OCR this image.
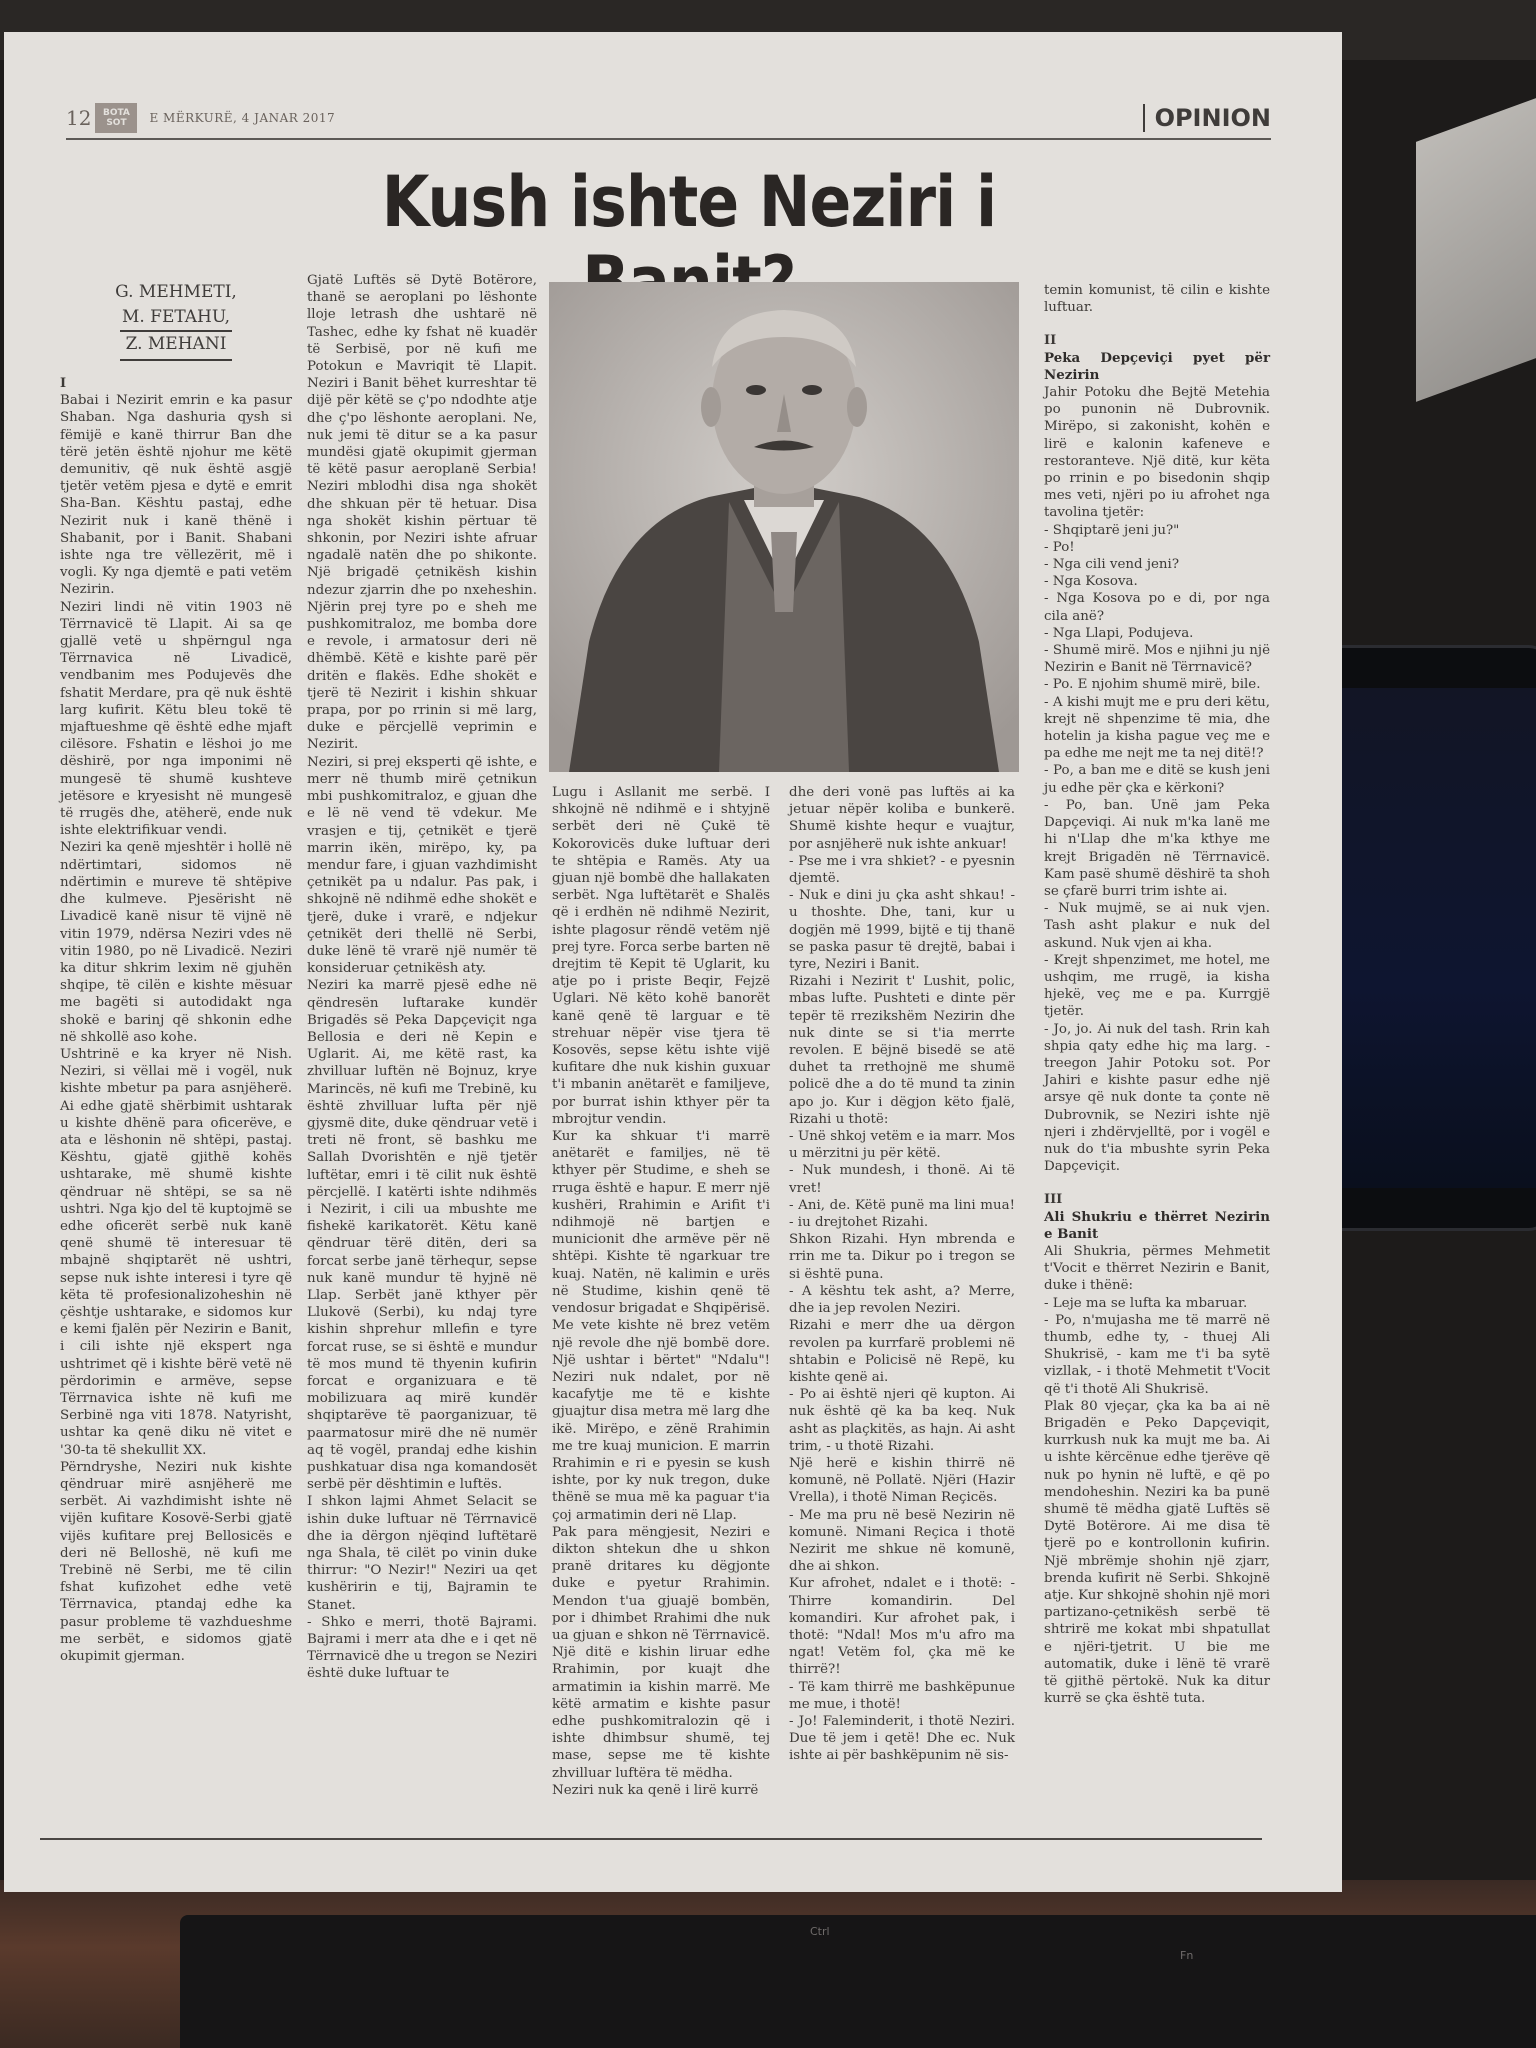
Ctrl
Fn
12 BOTA
SOT E MËRKURË, 4 JANAR 2017	OPINION
Kush ishte Neziri i
G. MEHMETI,
M. FETAHU,
Z. MEHANI

I

Babai i Nezirit emrin e ka pasur Shaban. Nga dashuria qysh si fëmijë e kanë thirrur Ban dhe tërë jetën është njohur me këtë demunitiv, që nuk është asgjë tjetër vetëm pjesa e dytë e emrit Sha-Ban. Kështu pastaj, edhe Nezirit nuk i kanë thënë i Shabanit, por i Banit. Shabani ishte nga tre vëllezërit, më i vogli. Ky nga djemtë e pati vetëm Nezirin.

Neziri lindi në vitin 1903 në Tërrnavicë të Llapit. Ai sa qe gjallë vetë u shpërngul nga Tërrnavica në Livadicë, vendbanim mes Podujevës dhe fshatit Merdare, pra që nuk është larg kufirit. Këtu bleu tokë të mjaftueshme që është edhe mjaft cilësore. Fshatin e lëshoi jo me dëshirë, por nga imponimi në mungesë të shumë kushteve jetësore e kryesisht në mungesë të rrugës dhe, atëherë, ende nuk ishte elektrifikuar vendi.

Neziri ka qenë mjeshtër i hollë në ndërtimtari, sidomos në ndërtimin e mureve të shtëpive dhe kulmeve. Pjesërisht në Livadicë kanë nisur të vijnë në vitin 1979, ndërsa Neziri vdes në vitin 1980, po në Livadicë. Neziri ka ditur shkrim lexim në gjuhën shqipe, të cilën e kishte mësuar me bagëti si autodidakt nga shokë e barinj që shkonin edhe në shkollë aso kohe.

Ushtrinë e ka kryer në Nish. Neziri, si vëllai më i vogël, nuk kishte mbetur pa para asnjëherë. Ai edhe gjatë shërbimit ushtarak u kishte dhënë para oficerëve, e ata e lëshonin në shtëpi, pastaj. Kështu, gjatë gjithë kohës ushtarake, më shumë kishte qëndruar në shtëpi, se sa në ushtri. Nga kjo del të kuptojmë se edhe oficerët serbë nuk kanë qenë shumë të interesuar të mbajnë shqiptarët në ushtri, sepse nuk ishte interesi i tyre që këta të profesionalizoheshin në çështje ushtarake, e sidomos kur e kemi fjalën për Nezirin e Banit, i cili ishte një ekspert nga ushtrimet që i kishte bërë vetë në përdorimin e armëve, sepse Tërrnavica ishte në kufi me Serbinë nga viti 1878. Natyrisht, ushtar ka qenë diku në vitet e '30-ta të shekullit XX.

Përndryshe, Neziri nuk kishte qëndruar mirë asnjëherë me serbët. Ai vazhdimisht ishte në vijën kufitare Kosovë-Serbi gjatë vijës kufitare prej Bellosicës e deri në Belloshë, në kufi me Trebinë në Serbi, me të cilin fshat kufizohet edhe vetë Tërrnavica, ptandaj edhe ka pasur probleme të vazhdueshme me serbët, e sidomos gjatë okupimit gjerman.

Gjatë Luftës së Dytë Botërore, thanë se aeroplani po lëshonte lloje letrash dhe ushtarë në Tashec, edhe ky fshat në kuadër të Serbisë, por në kufi me Potokun e Mavriqit të Llapit. Neziri i Banit bëhet kurreshtar të dijë për këtë se ç'po ndodhte atje dhe ç'po lëshonte aeroplani. Ne, nuk jemi të ditur se a ka pasur mundësi gjatë okupimit gjerman të këtë pasur aeroplanë Serbia! Neziri mblodhi disa nga shokët dhe shkuan për të hetuar. Disa nga shokët kishin përtuar të shkonin, por Neziri ishte afruar ngadalë natën dhe po shikonte. Një brigadë çetnikësh kishin ndezur zjarrin dhe po nxeheshin. Njërin prej tyre po e sheh me pushkomitraloz, me bomba dore e revole, i armatosur deri në dhëmbë. Këtë e kishte parë për dritën e flakës. Edhe shokët e tjerë të Nezirit i kishin shkuar prapa, por po rrinin si më larg, duke e përcjellë veprimin e Nezirit.

Neziri, si prej eksperti që ishte, e merr në thumb mirë çetnikun mbi pushkomitraloz, e gjuan dhe e lë në vend të vdekur. Me vrasjen e tij, çetnikët e tjerë marrin ikën, mirëpo, ky, pa mendur fare, i gjuan vazhdimisht çetnikët pa u ndalur. Pas pak, i shkojnë në ndihmë edhe shokët e tjerë, duke i vrarë, e ndjekur çetnikët deri thellë në Serbi, duke lënë të vrarë një numër të konsideruar çetnikësh aty.

Neziri ka marrë pjesë edhe në qëndresën luftarake kundër Brigadës së Peka Dapçeviçit nga Bellosia e deri në Kepin e Uglarit. Ai, me këtë rast, ka zhvilluar luftën në Bojnuz, krye Marincës, në kufi me Trebinë, ku është zhvilluar lufta për një gjysmë dite, duke qëndruar vetë i treti në front, së bashku me Sallah Dvorishtën e një tjetër luftëtar, emri i të cilit nuk është përcjellë. I katërti ishte ndihmës i Nezirit, i cili ua mbushte me fishekë karikatorët. Këtu kanë qëndruar tërë ditën, deri sa forcat serbe janë tërhequr, sepse nuk kanë mundur të hyjnë në Llap. Serbët janë kthyer për Llukovë (Serbi), ku ndaj tyre kishin shprehur mllefin e tyre forcat ruse, se si është e mundur të mos mund të thyenin kufirin forcat e organizuara e të mobilizuara aq mirë kundër shqiptarëve të paorganizuar, të paarmatosur mirë dhe në numër aq të vogël, prandaj edhe kishin pushkatuar disa nga komandosët serbë për dështimin e luftës.

I shkon lajmi Ahmet Selacit se ishin duke luftuar në Tërrnavicë dhe ia dërgon njëqind luftëtarë nga Shala, të cilët po vinin duke thirrur: "O Nezir!" Neziri ua qet kushëririn e tij, Bajramin te Stanet.

- Shko e merri, thotë Bajrami. Bajrami i merr ata dhe e i qet në Tërrnavicë dhe u tregon se Neziri është duke luftuar te

Lugu i Asllanit me serbë. I shkojnë në ndihmë e i shtyjnë serbët deri në Çukë të Kokorovicës duke luftuar deri te shtëpia e Ramës. Aty ua gjuan një bombë dhe hallakaten serbët. Nga luftëtarët e Shalës që i erdhën në ndihmë Nezirit, ishte plagosur rëndë vetëm një prej tyre. Forca serbe barten në drejtim të Kepit të Uglarit, ku atje po i priste Beqir, Fejzë Uglari. Në këto kohë banorët kanë qenë të larguar e të strehuar nëpër vise tjera të Kosovës, sepse këtu ishte vijë kufitare dhe nuk kishin guxuar t'i mbanin anëtarët e familjeve, por burrat ishin kthyer për ta mbrojtur vendin.

Kur ka shkuar t'i marrë anëtarët e familjes, në të kthyer për Studime, e sheh se rruga është e hapur. E merr një kushëri, Rrahimin e Arifit t'i ndihmojë në bartjen e municionit dhe armëve për në shtëpi. Kishte të ngarkuar tre kuaj. Natën, në kalimin e urës në Studime, kishin qenë të vendosur brigadat e Shqipërisë. Me vete kishte në brez vetëm një revole dhe një bombë dore. Një ushtar i bërtet" "Ndalu"! Neziri nuk ndalet, por në kacafytje me të e kishte gjuajtur disa metra më larg dhe ikë. Mirëpo, e zënë Rrahimin me tre kuaj municion. E marrin Rrahimin e ri e pyesin se kush ishte, por ky nuk tregon, duke thënë se mua më ka paguar t'ia çoj armatimin deri në Llap.

Pak para mëngjesit, Neziri e dikton shtekun dhe u shkon pranë dritares ku dëgjonte duke e pyetur Rrahimin. Mendon t'ua gjuajë bombën, por i dhimbet Rrahimi dhe nuk ua gjuan e shkon në Tërrnavicë. Një ditë e kishin liruar edhe Rrahimin, por kuajt dhe armatimin ia kishin marrë. Me këtë armatim e kishte pasur edhe pushkomitralozin që i ishte dhimbsur shumë, tej mase, sepse me të kishte zhvilluar luftëra të mëdha.

Neziri nuk ka qenë i lirë kurrë

dhe deri vonë pas luftës ai ka jetuar nëpër koliba e bunkerë. Shumë kishte hequr e vuajtur, por asnjëherë nuk ishte ankuar!

- Pse me i vra shkiet? - e pyesnin djemtë.

- Nuk e dini ju çka asht shkau! - u thoshte. Dhe, tani, kur u dogjën më 1999, bijtë e tij thanë se paska pasur të drejtë, babai i tyre, Neziri i Banit.

Rizahi i Nezirit t' Lushit, polic, mbas lufte. Pushteti e dinte për tepër të rrezikshëm Nezirin dhe nuk dinte se si t'ia merrte revolen. E bëjnë bisedë se atë duhet ta rrethojnë me shumë policë dhe a do të mund ta zinin apo jo. Kur i dëgjon këto fjalë, Rizahi u thotë:

- Unë shkoj vetëm e ia marr. Mos u mërzitni ju për këtë.

- Nuk mundesh, i thonë. Ai të vret!

- Ani, de. Këtë punë ma lini mua! - iu drejtohet Rizahi.

Shkon Rizahi. Hyn mbrenda e rrin me ta. Dikur po i tregon se si është puna.

- A kështu tek asht, a? Merre, dhe ia jep revolen Neziri.

Rizahi e merr dhe ua dërgon revolen pa kurrfarë problemi në shtabin e Policisë në Repë, ku kishte qenë ai.

- Po ai është njeri që kupton. Ai nuk është që ka ba keq. Nuk asht as plaçkitës, as hajn. Ai asht trim, - u thotë Rizahi.

Një herë e kishin thirrë në komunë, në Pollatë. Njëri (Hazir Vrella), i thotë Niman Reçicës.

- Me ma pru në besë Nezirin në komunë. Nimani Reçica i thotë Nezirit me shkue në komunë, dhe ai shkon.

Kur afrohet, ndalet e i thotë: - Thirre komandirin. Del komandiri. Kur afrohet pak, i thotë: "Ndal! Mos m'u afro ma ngat! Vetëm fol, çka më ke thirrë?!

- Të kam thirrë me bashkëpunue me mue, i thotë!

- Jo! Faleminderit, i thotë Neziri. Due të jem i qetë! Dhe ec. Nuk ishte ai për bashkëpunim në sis-

temin komunist, të cilin e kishte luftuar.

II

Peka Depçeviçi pyet për Nezirin

Jahir Potoku dhe Bejtë Metehia po punonin në Dubrovnik. Mirëpo, si zakonisht, kohën e lirë e kalonin kafeneve e restoranteve. Një ditë, kur këta po rrinin e po bisedonin shqip mes veti, njëri po iu afrohet nga tavolina tjetër:

- Shqiptarë jeni ju?"

- Po!

- Nga cili vend jeni?

- Nga Kosova.

- Nga Kosova po e di, por nga cila anë?

- Nga Llapi, Podujeva.

- Shumë mirë. Mos e njihni ju një Nezirin e Banit në Tërrnavicë?

- Po. E njohim shumë mirë, bile.

- A kishi mujt me e pru deri këtu, krejt në shpenzime të mia, dhe hotelin ja kisha pague veç me e pa edhe me nejt me ta nej ditë!?

- Po, a ban me e ditë se kush jeni ju edhe për çka e kërkoni?

- Po, ban. Unë jam Peka Dapçeviqi. Ai nuk m'ka lanë me hi n'Llap dhe m'ka kthye me krejt Brigadën në Tërrnavicë. Kam pasë shumë dëshirë ta shoh se çfarë burri trim ishte ai.

- Nuk mujmë, se ai nuk vjen. Tash asht plakur e nuk del askund. Nuk vjen ai kha.

- Krejt shpenzimet, me hotel, me ushqim, me rrugë, ia kisha hjekë, veç me e pa. Kurrgjë tjetër.

- Jo, jo. Ai nuk del tash. Rrin kah shpia qaty edhe hiç ma larg. - treegon Jahir Potoku sot. Por Jahiri e kishte pasur edhe një arsye që nuk donte ta çonte në Dubrovnik, se Neziri ishte një njeri i zhdërvjelltë, por i vogël e nuk do t'ia mbushte syrin Peka Dapçeviçit.

III

Ali Shukriu e thërret Nezirin e Banit

Ali Shukria, përmes Mehmetit t'Vocit e thërret Nezirin e Banit, duke i thënë:

- Leje ma se lufta ka mbaruar.

- Po, n'mujasha me të marrë në thumb, edhe ty, - thuej Ali Shukrisë, - kam me t'i ba sytë vizllak, - i thotë Mehmetit t'Vocit që t'i thotë Ali Shukrisë.

Plak 80 vjeçar, çka ka ba ai në Brigadën e Peko Dapçeviqit, kurrkush nuk ka mujt me ba. Ai u ishte kërcënue edhe tjerëve që nuk po hynin në luftë, e që po mendoheshin. Neziri ka ba punë shumë të mëdha gjatë Luftës së Dytë Botërore. Ai me disa të tjerë po e kontrollonin kufirin. Një mbrëmje shohin një zjarr, brenda kufirit në Serbi. Shkojnë atje. Kur shkojnë shohin një mori partizano-çetnikësh serbë të shtrirë me kokat mbi shpatullat e njëri-tjetrit. U bie me automatik, duke i lënë të vrarë të gjithë përtokë. Nuk ka ditur kurrë se çka është tuta.
